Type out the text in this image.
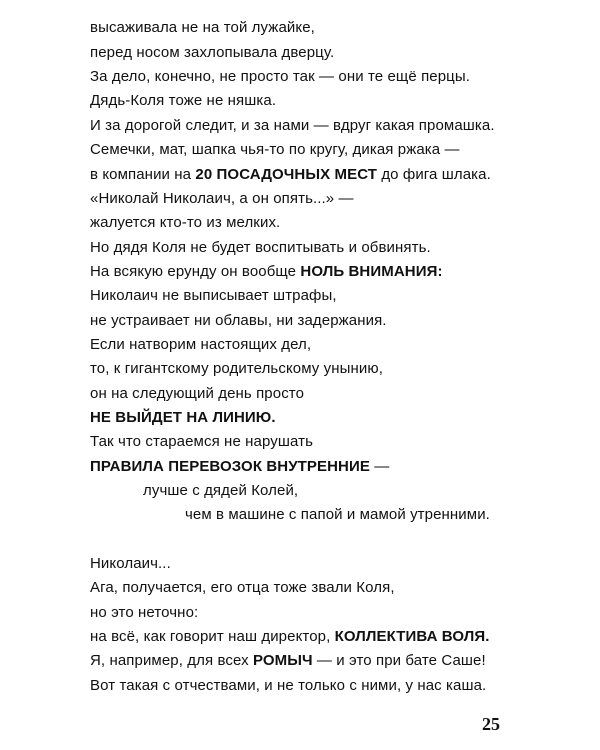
высаживала не на той лужайке,
перед носом захлопывала дверцу.
За дело, конечно, не просто так — они те ещё перцы.
Дядь-Коля тоже не няшка.
И за дорогой следит, и за нами — вдруг какая промашка.
Семечки, мат, шапка чья-то по кругу, дикая ржака —
в компании на 20 ПОСАДОЧНЫХ МЕСТ до фига шлака.
«Николай Николаич, а он опять...» —
жалуется кто-то из мелких.
Но дядя Коля не будет воспитывать и обвинять.
На всякую ерунду он вообще НОЛЬ ВНИМАНИЯ:
Николаич не выписывает штрафы,
не устраивает ни облавы, ни задержания.
Если натворим настоящих дел,
то, к гигантскому родительскому унынию,
он на следующий день просто
НЕ ВЫЙДЕТ НА ЛИНИЮ.
Так что стараемся не нарушать
ПРАВИЛА ПЕРЕВОЗОК ВНУТРЕННИЕ —
лучше с дядей Колей,
чем в машине с папой и мамой утренними.
Николаич...
Ага, получается, его отца тоже звали Коля,
но это неточно:
на всё, как говорит наш директор, КОЛЛЕКТИВА ВОЛЯ.
Я, например, для всех РОМЫЧ — и это при бате Саше!
Вот такая с отчествами, и не только с ними, у нас каша.
25
